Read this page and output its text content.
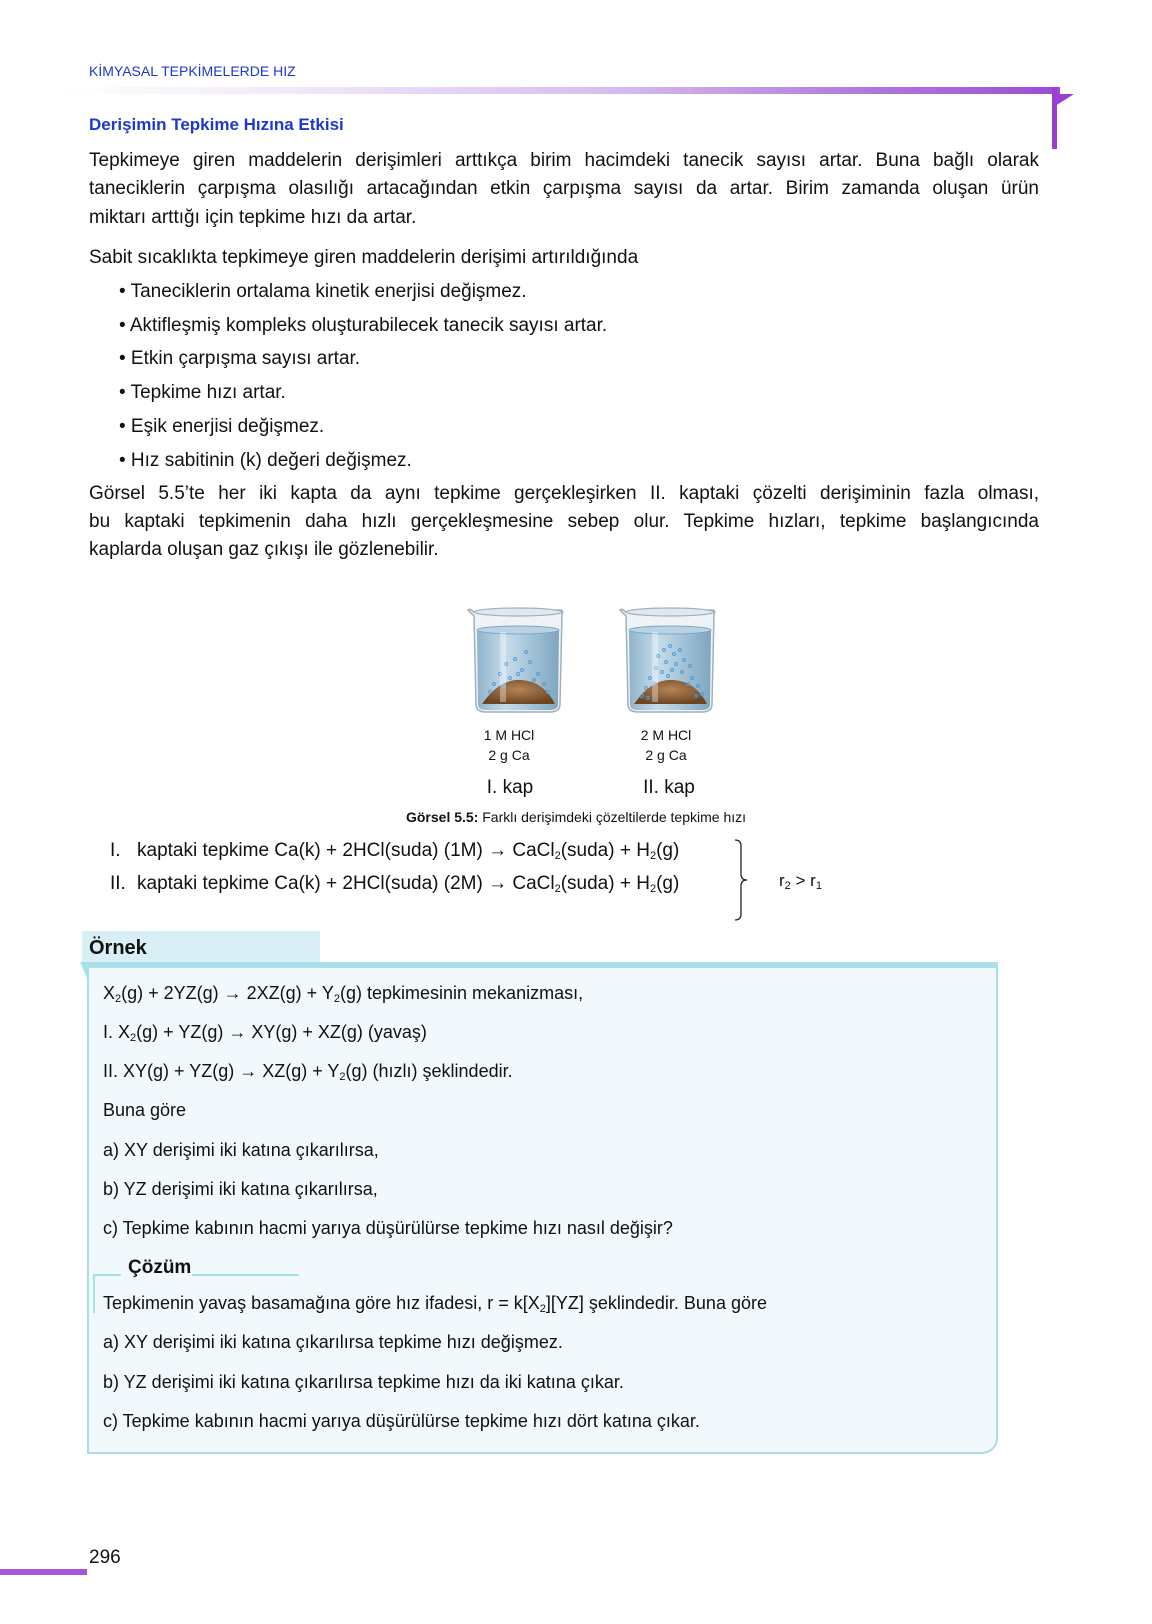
KİMYASAL TEPKİMELERDE HIZ
Derişimin Tepkime Hızına Etkisi
Tepkimeye giren maddelerin derişimleri arttıkça birim hacimdeki tanecik sayısı artar. Buna bağlı olarak
taneciklerin çarpışma olasılığı artacağından etkin çarpışma sayısı da artar. Birim zamanda oluşan ürün
miktarı arttığı için tepkime hızı da artar.
Sabit sıcaklıkta tepkimeye giren maddelerin derişimi artırıldığında
• Taneciklerin ortalama kinetik enerjisi değişmez.
• Aktifleşmiş kompleks oluşturabilecek tanecik sayısı artar.
• Etkin çarpışma sayısı artar.
• Tepkime hızı artar.
• Eşik enerjisi değişmez.
• Hız sabitinin (k) değeri değişmez.
Görsel 5.5’te her iki kapta da aynı tepkime gerçekleşirken II. kaptaki çözelti derişiminin fazla olması,
bu kaptaki tepkimenin daha hızlı gerçekleşmesine sebep olur. Tepkime hızları, tepkime başlangıcında
kaplarda oluşan gaz çıkışı ile gözlenebilir.
1 M HCl
2 g Ca
2 M HCl
2 g Ca
I. kap	II. kap
Görsel 5.5: Farklı derişimdeki çözeltilerde tepkime hızı
I. kaptaki tepkime Ca(k) + 2HCl(suda) (1M) → CaCl$_2$(suda) + $H_2(g)$
II. kaptaki tepkime Ca(k) + 2HCl(suda) (2M) → CaCl$_2$(suda) + $H_2(g)$	$r_2 > r_1$
Örnek
$X_2(g) + 2YZ(g) \to 2XZ(g) + Y_2(g)$ tepkimesinin mekanizması,
I. $X_2(g) + YZ(g) \to XY(g) + XZ(g)$ (yavaş)
II. $XY(g) + YZ(g) \to XZ(g) + Y_2(g)$ (hızlı) şeklindedir.
Buna göre
a) XY derişimi iki katına çıkarılırsa,
b) YZ derişimi iki katına çıkarılırsa,
c) Tepkime kabının hacmi yarıya düşürülürse tepkime hızı nasıl değişir?
Çözüm
Tepkimenin yavaş basamağına göre hız ifadesi, $r = k[X_2][YZ]$ şeklindedir. Buna göre
a) XY derişimi iki katına çıkarılırsa tepkime hızı değişmez.
b) YZ derişimi iki katına çıkarılırsa tepkime hızı da iki katına çıkar.
c) Tepkime kabının hacmi yarıya düşürülürse tepkime hızı dört katına çıkar.
296
